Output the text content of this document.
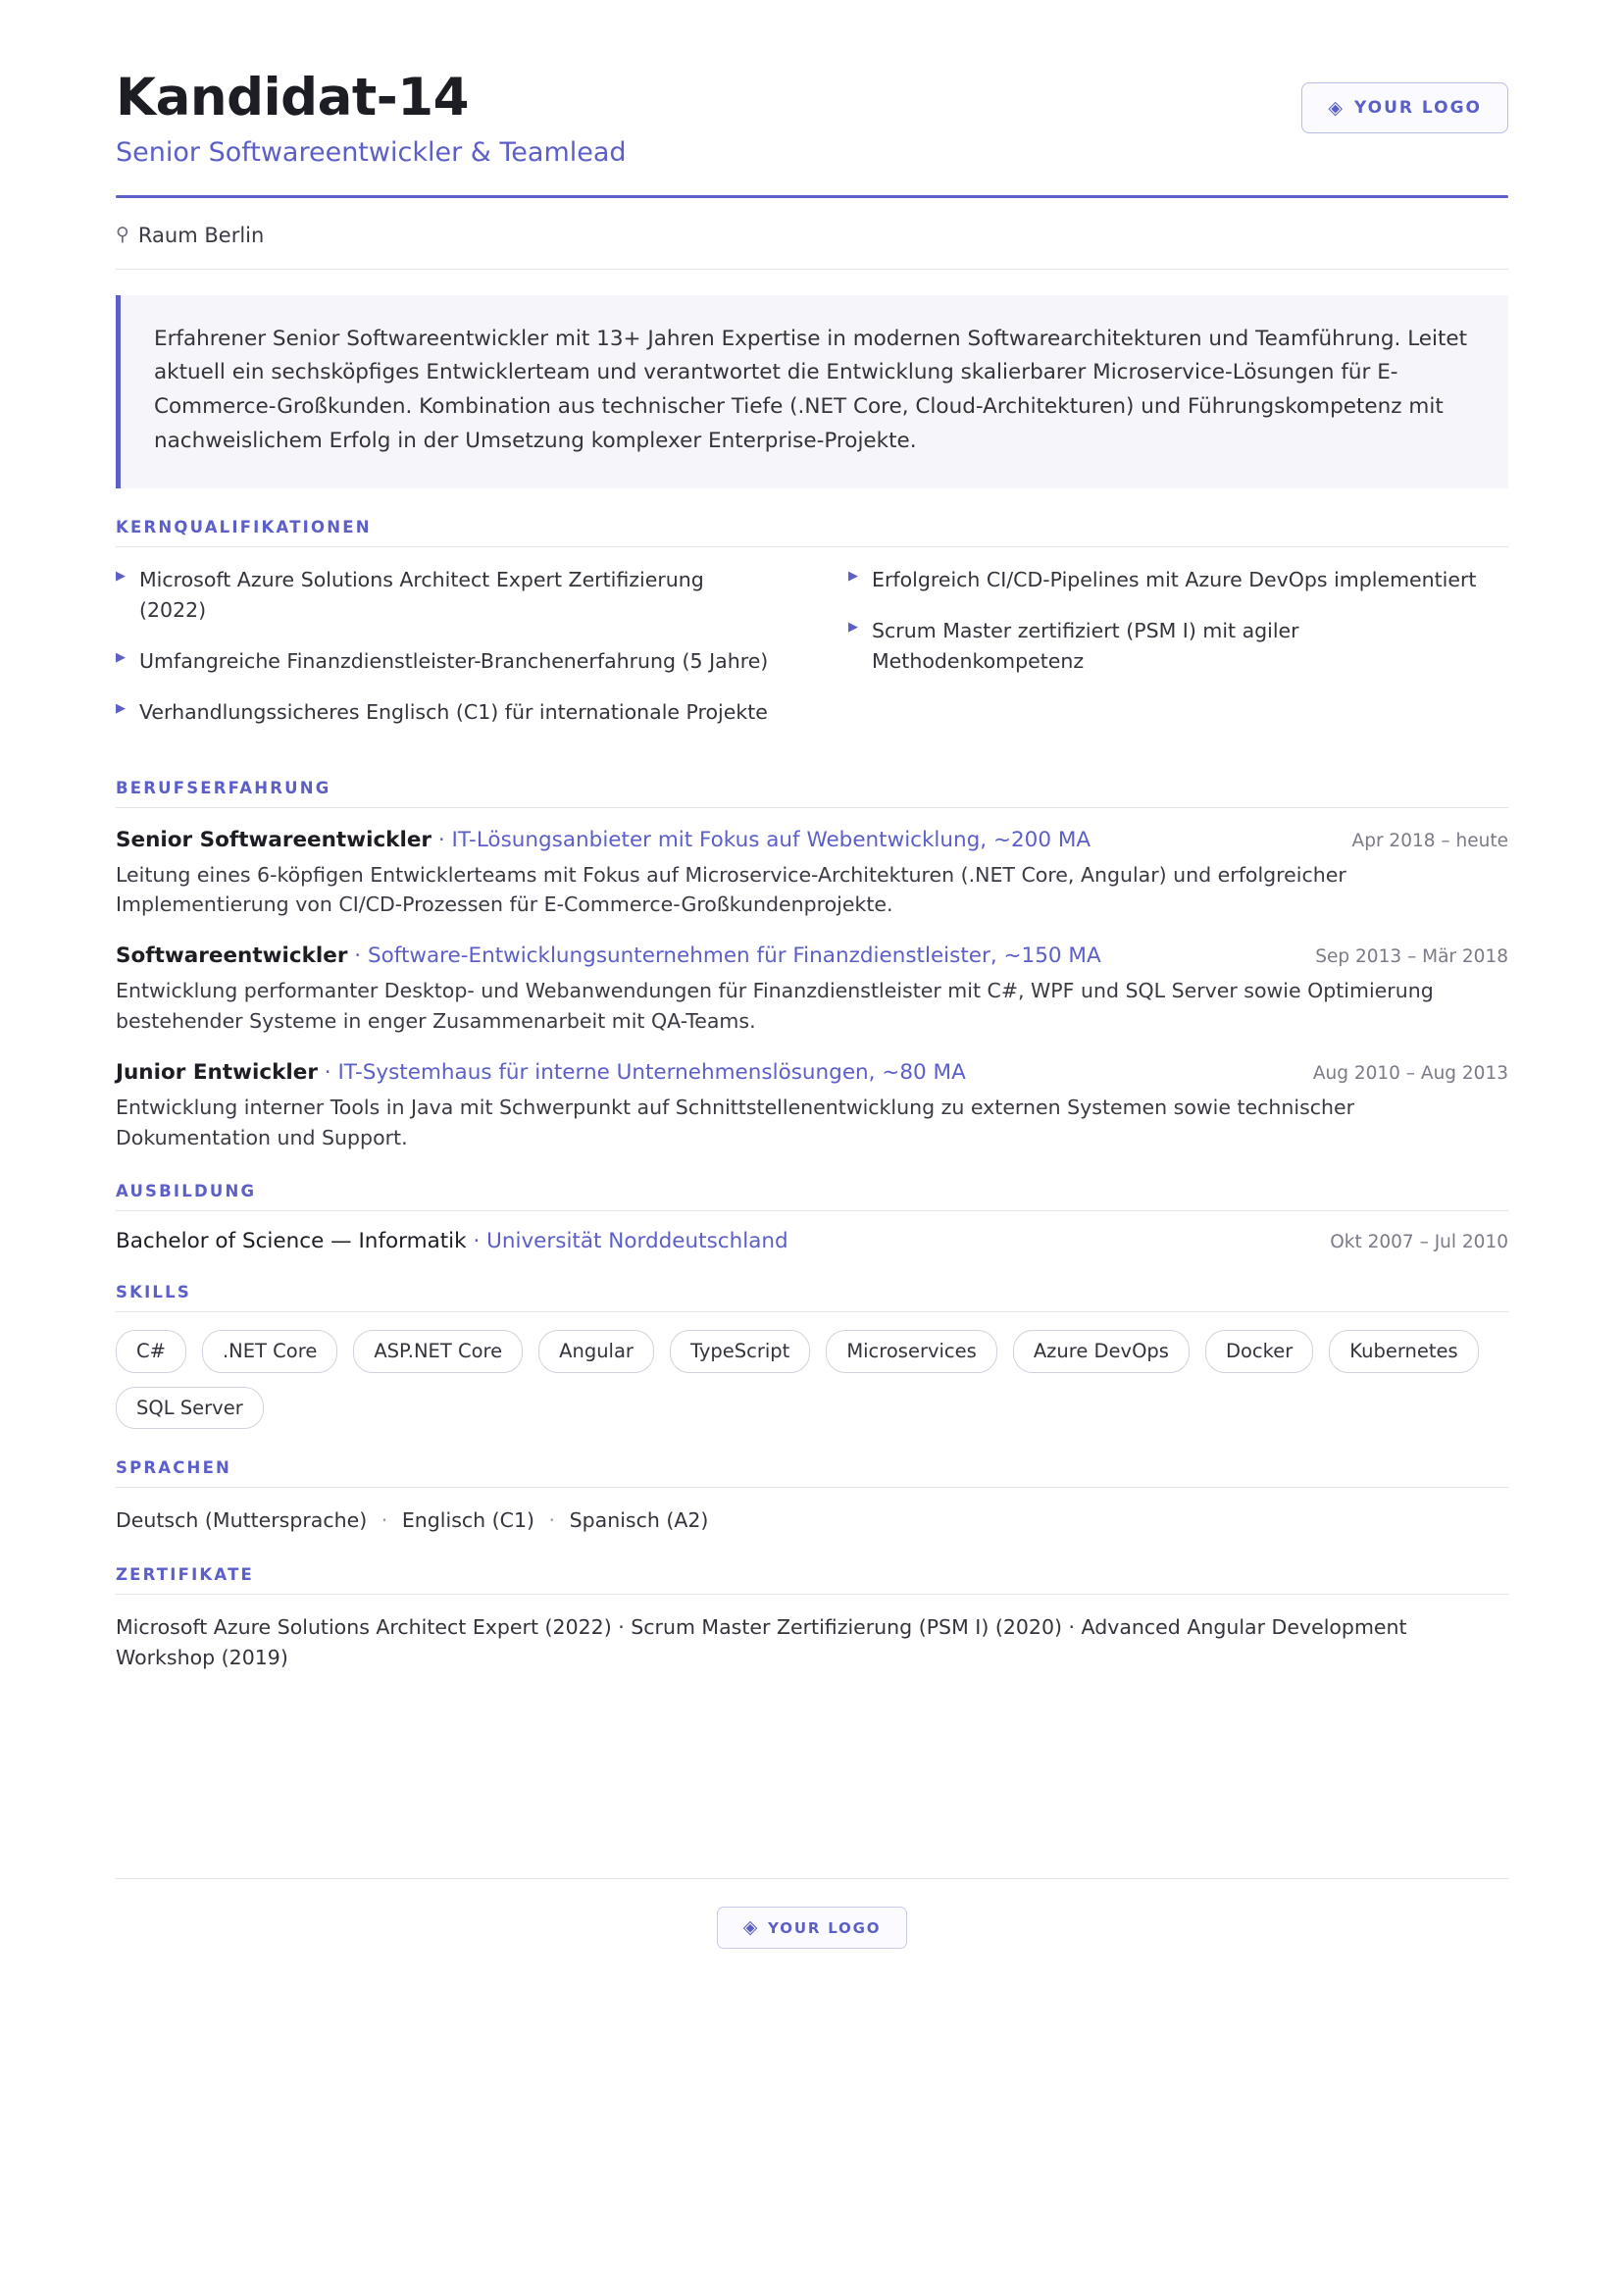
Kandidat-14
Senior Softwareentwickler & Teamlead
◈ YOUR LOGO
⚲ Raum Berlin
Erfahrener Senior Softwareentwickler mit 13+ Jahren Expertise in modernen Softwarearchitekturen und Teamführung. Leitet aktuell ein sechsköpfiges Entwicklerteam und verantwortet die Entwicklung skalierbarer Microservice-Lösungen für E-Commerce-Großkunden. Kombination aus technischer Tiefe (.NET Core, Cloud-Architekturen) und Führungskompetenz mit nachweislichem Erfolg in der Umsetzung komplexer Enterprise-Projekte.
KERNQUALIFIKATIONEN
▶ Microsoft Azure Solutions Architect Expert Zertifizierung (2022)
▶ Umfangreiche Finanzdienstleister-Branchenerfahrung (5 Jahre)
▶ Verhandlungssicheres Englisch (C1) für internationale Projekte
▶ Erfolgreich CI/CD-Pipelines mit Azure DevOps implementiert
▶ Scrum Master zertifiziert (PSM I) mit agiler Methodenkompetenz
BERUFSERFAHRUNG
Senior Softwareentwickler · IT-Lösungsanbieter mit Fokus auf Webentwicklung, ~200 MA	Apr 2018 – heute
Leitung eines 6-köpfigen Entwicklerteams mit Fokus auf Microservice-Architekturen (.NET Core, Angular) und erfolgreicher Implementierung von CI/CD-Prozessen für E-Commerce-Großkundenprojekte.
Softwareentwickler · Software-Entwicklungsunternehmen für Finanzdienstleister, ~150 MA	Sep 2013 – Mär 2018
Entwicklung performanter Desktop- und Webanwendungen für Finanzdienstleister mit C#, WPF und SQL Server sowie Optimierung bestehender Systeme in enger Zusammenarbeit mit QA-Teams.
Junior Entwickler · IT-Systemhaus für interne Unternehmenslösungen, ~80 MA	Aug 2010 – Aug 2013
Entwicklung interner Tools in Java mit Schwerpunkt auf Schnittstellenentwicklung zu externen Systemen sowie technischer Dokumentation und Support.
AUSBILDUNG
Bachelor of Science — Informatik · Universität Norddeutschland	Okt 2007 – Jul 2010
SKILLS
C#	.NET Core	ASP.NET Core	Angular	TypeScript	Microservices	Azure DevOps	Docker	Kubernetes
SQL Server
SPRACHEN
Deutsch (Muttersprache) · Englisch (C1) · Spanisch (A2)
ZERTIFIKATE
Microsoft Azure Solutions Architect Expert (2022) · Scrum Master Zertifizierung (PSM I) (2020) · Advanced Angular Development Workshop (2019)
◈ YOUR LOGO
